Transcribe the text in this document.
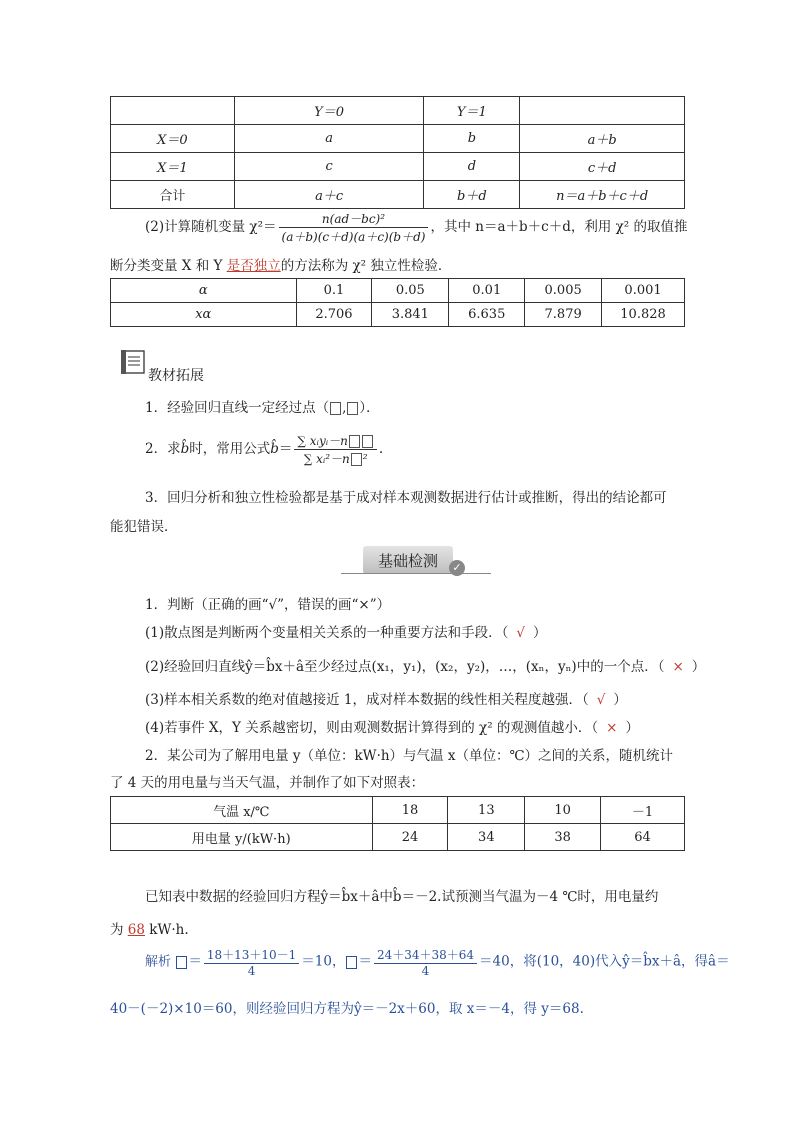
	Y＝0	Y＝1	
X＝0	a	b	a＋b
X＝1	c	d	c＋d
合计	a＋c	b＋d	n＝a＋b＋c＋d
(2)计算随机变量 $\chi^2= \frac{\text{n(ad－bc)²}}{(a+b)(c+d)(a+c)(b+d)}$ ，其中 n＝a＋b＋c＋d，利用 χ² 的取值推
断分类变量 X 和 Y 是否独立的方法称为 χ² 独立性检验．
α	0.1	0.05	0.01	0.005	0.001
xα	2.706	3.841	6.635	7.879	10.828
教材拓展
1．经验回归直线一定经过点（ , ）．
2．求b̂时，常用公式b̂＝ $\frac{\text{∑ xᵢyᵢ－n}}{\text{∑ xᵢ²－n ²}}$ .
3．回归分析和独立性检验都是基于成对样本观测数据进行估计或推断，得出的结论都可
能犯错误．
基础检测	✓
1．判断（正确的画“√”，错误的画“×”）
(1)散点图是判断两个变量相关关系的一种重要方法和手段．（ √ ）
(2)经验回归直线ŷ＝b̂x＋â至少经过点(x₁，y₁)，(x₂，y₂)，…，(xₙ，yₙ)中的一个点．（ × ）
(3)样本相关系数的绝对值越接近 1，成对样本数据的线性相关程度越强．（ √ ）
(4)若事件 X，Y 关系越密切，则由观测数据计算得到的 χ² 的观测值越小．（ × ）
2．某公司为了解用电量 y（单位：kW·h）与气温 x（单位：℃）之间的关系，随机统计
了 4 天的用电量与当天气温，并制作了如下对照表：
气温 x/℃	18	13	10	－1
用电量 y/(kW·h)	24	34	38	64
已知表中数据的经验回归方程ŷ＝b̂x＋â中b̂＝－2.试预测当气温为－4 ℃时，用电量约
为 68 kW·h.
解析 ＝ $\frac{18+13+10-1}{4} =10$， ＝ $\frac{24+34+38+64}{4} =40$，将(10，40)代入ŷ＝b̂x＋â，得â＝
40－(－2)×10＝60，则经验回归方程为ŷ＝－2x＋60，取 x＝－4，得 y＝68.
